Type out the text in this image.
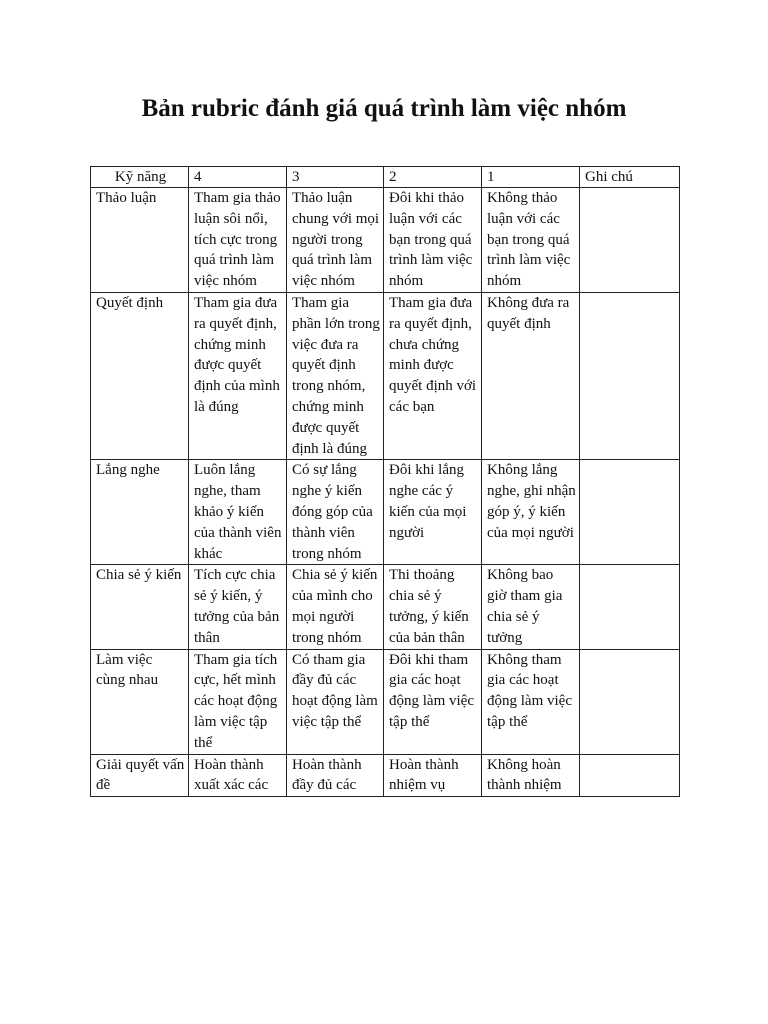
Bản rubric đánh giá quá trình làm việc nhóm
Kỹ năng	4	3	2	1	Ghi chú
Thảo luận	Tham gia thảo luận sôi nổi, tích cực trong quá trình làm việc nhóm	Thảo luận chung với mọi người trong quá trình làm việc nhóm	Đôi khi thảo luận với các bạn trong quá trình làm việc nhóm	Không thảo luận với các bạn trong quá trình làm việc nhóm	
Quyết định	Tham gia đưa ra quyết định, chứng minh được quyết định của mình là đúng	Tham gia phần lớn trong việc đưa ra quyết định trong nhóm, chứng minh được quyết định là đúng	Tham gia đưa ra quyết định, chưa chứng minh được quyết định với các bạn	Không đưa ra quyết định	
Lắng nghe	Luôn lắng nghe, tham khảo ý kiến của thành viên khác	Có sự lắng nghe ý kiến đóng góp của thành viên trong nhóm	Đôi khi lắng nghe các ý kiến của mọi người	Không lắng nghe, ghi nhận góp ý, ý kiến của mọi người	
Chia sẻ ý kiến	Tích cực chia sẻ ý kiến, ý tưởng của bản thân	Chia sẻ ý kiến của mình cho mọi người trong nhóm	Thi thoảng chia sẻ ý tưởng, ý kiến của bản thân	Không bao giờ tham gia chia sẻ ý tưởng	
Làm việc cùng nhau	Tham gia tích cực, hết mình các hoạt động làm việc tập thể	Có tham gia đầy đủ các hoạt động làm việc tập thể	Đôi khi tham gia các hoạt động làm việc tập thể	Không tham gia các hoạt động làm việc tập thể	
Giải quyết vấn đề	Hoàn thành xuất xác các	Hoàn thành đầy đủ các	Hoàn thành nhiệm vụ	Không hoàn thành nhiệm	
